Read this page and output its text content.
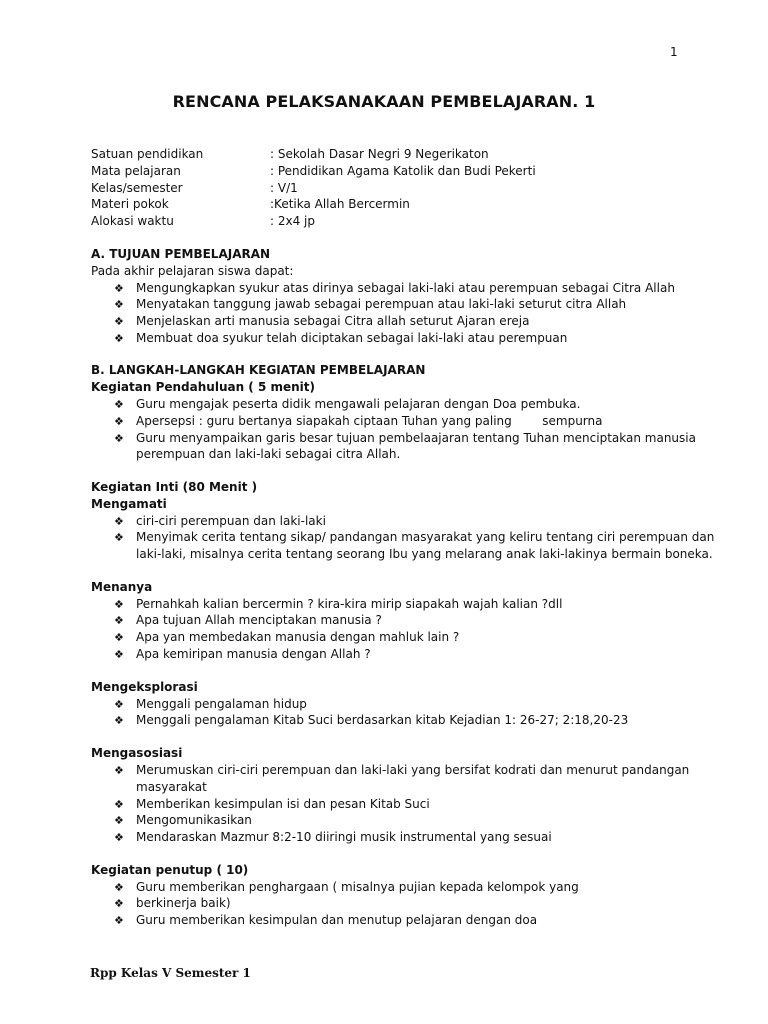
1
RENCANA PELAKSANAKAAN PEMBELAJARAN. 1
Satuan pendidikan	: Sekolah Dasar Negri 9 Negerikaton
Mata pelajaran	: Pendidikan Agama Katolik dan Budi Pekerti
Kelas/semester	: V/1
Materi pokok	:Ketika Allah Bercermin
Alokasi waktu	: 2x4 jp
A. TUJUAN PEMBELAJARAN
Pada akhir pelajaran siswa dapat:
❖ Mengungkapkan syukur atas dirinya sebagai laki-laki atau perempuan sebagai Citra Allah
❖ Menyatakan tanggung jawab sebagai perempuan atau laki-laki seturut citra Allah
❖ Menjelaskan arti manusia sebagai Citra allah seturut Ajaran ereja
❖ Membuat doa syukur telah diciptakan sebagai laki-laki atau perempuan
B. LANGKAH-LANGKAH KEGIATAN PEMBELAJARAN
Kegiatan Pendahuluan ( 5 menit)
❖ Guru mengajak peserta didik mengawali pelajaran dengan Doa pembuka.
❖ Apersepsi : guru bertanya siapakah ciptaan Tuhan yang paling        sempurna
❖ Guru menyampaikan garis besar tujuan pembelaajaran tentang Tuhan menciptakan manusia
perempuan dan laki-laki sebagai citra Allah.
Kegiatan Inti (80 Menit )
Mengamati
❖ ciri-ciri perempuan dan laki-laki
❖ Menyimak cerita tentang sikap/ pandangan masyarakat yang keliru tentang ciri perempuan dan
laki-laki, misalnya cerita tentang seorang Ibu yang melarang anak laki-lakinya bermain boneka.
Menanya
❖ Pernahkah kalian bercermin ? kira-kira mirip siapakah wajah kalian ?dll
❖ Apa tujuan Allah menciptakan manusia ?
❖ Apa yan membedakan manusia dengan mahluk lain ?
❖ Apa kemiripan manusia dengan Allah ?
Mengeksplorasi
❖ Menggali pengalaman hidup
❖ Menggali pengalaman Kitab Suci berdasarkan kitab Kejadian 1: 26-27; 2:18,20-23
Mengasosiasi
❖ Merumuskan ciri-ciri perempuan dan laki-laki yang bersifat kodrati dan menurut pandangan
masyarakat
❖ Memberikan kesimpulan isi dan pesan Kitab Suci
❖ Mengomunikasikan
❖ Mendaraskan Mazmur 8:2-10 diiringi musik instrumental yang sesuai
Kegiatan penutup ( 10)
❖ Guru memberikan penghargaan ( misalnya pujian kepada kelompok yang
❖ berkinerja baik)
❖ Guru memberikan kesimpulan dan menutup pelajaran dengan doa
Rpp Kelas V Semester 1
